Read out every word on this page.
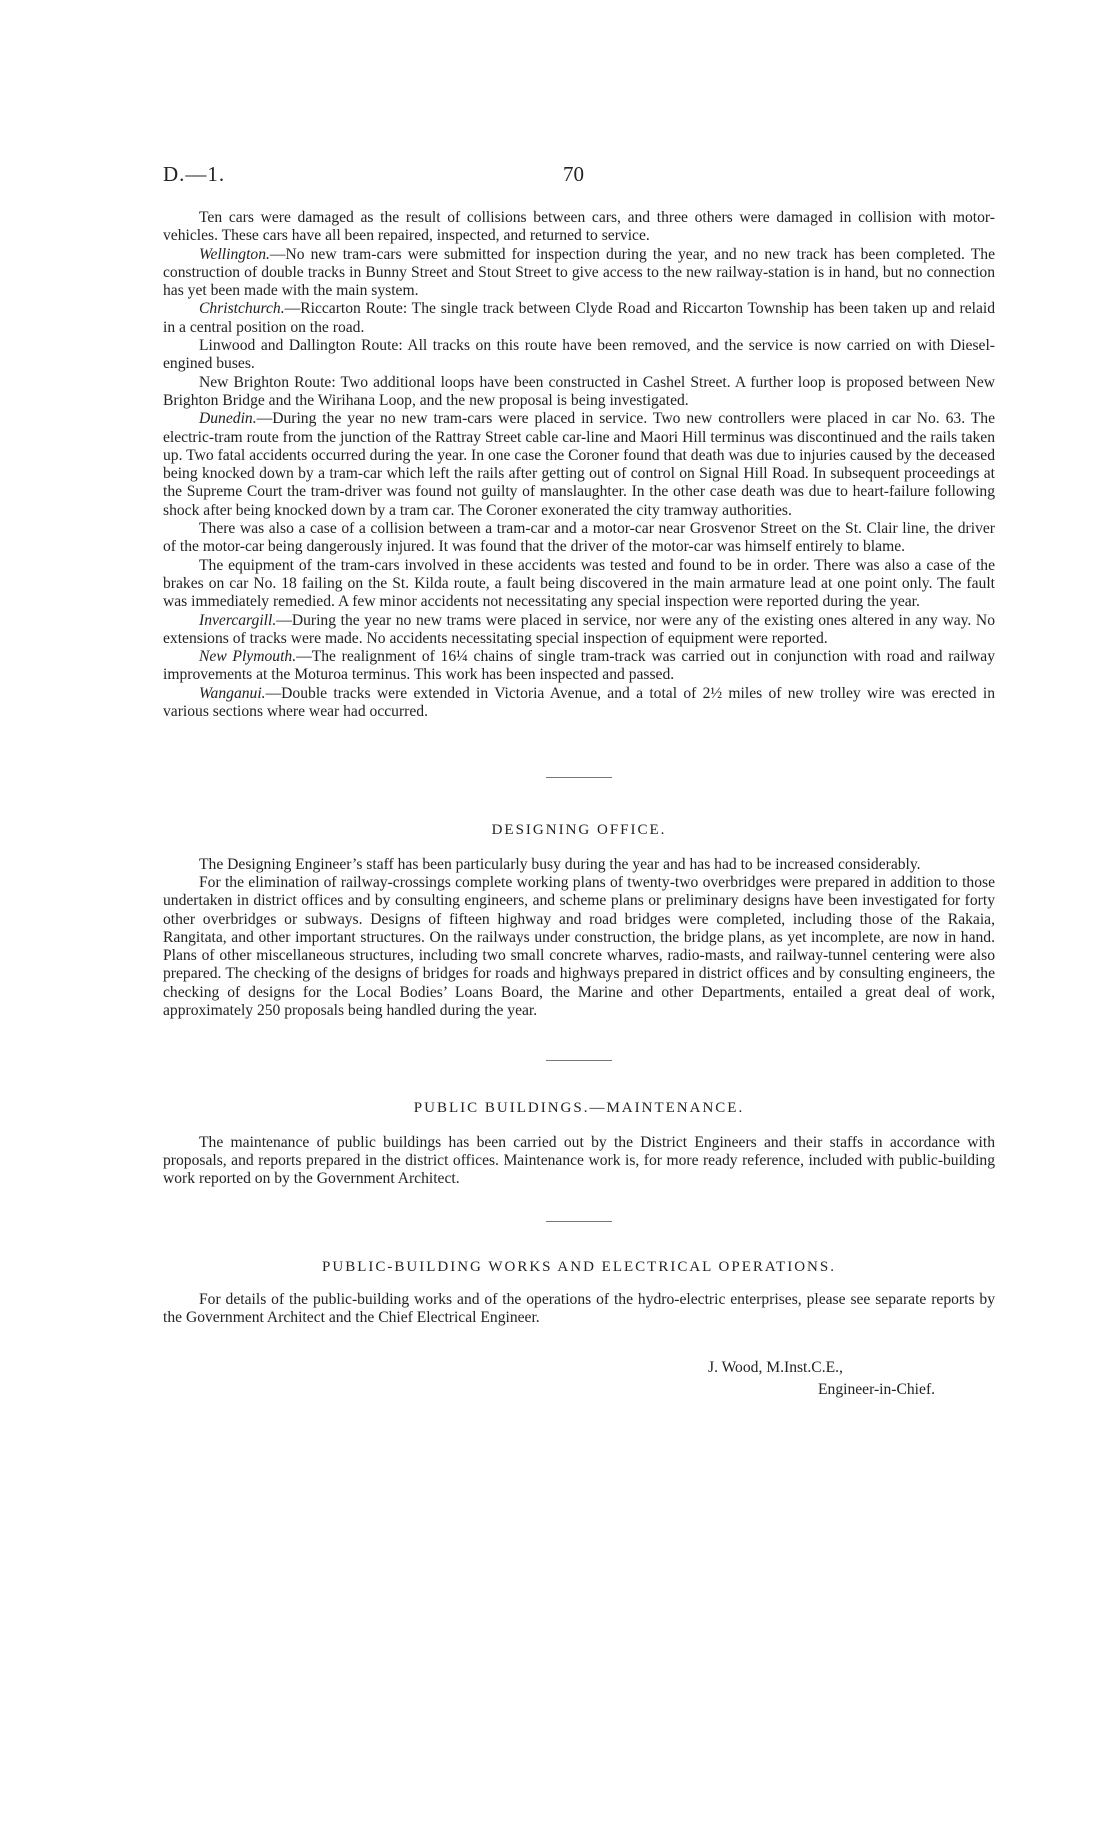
D.—1.	70

Ten cars were damaged as the result of collisions between cars, and three others were damaged in collision with motor-vehicles. These cars have all been repaired, inspected, and returned to service.

Wellington.—No new tram-cars were submitted for inspection during the year, and no new track has been completed. The construction of double tracks in Bunny Street and Stout Street to give access to the new railway-station is in hand, but no connection has yet been made with the main system.

Christchurch.—Riccarton Route: The single track between Clyde Road and Riccarton Township has been taken up and relaid in a central position on the road.

Linwood and Dallington Route: All tracks on this route have been removed, and the service is now carried on with Diesel-engined buses.

New Brighton Route: Two additional loops have been constructed in Cashel Street. A further loop is proposed between New Brighton Bridge and the Wirihana Loop, and the new proposal is being investigated.

Dunedin.—During the year no new tram-cars were placed in service. Two new controllers were placed in car No. 63. The electric-tram route from the junction of the Rattray Street cable car-line and Maori Hill terminus was discontinued and the rails taken up. Two fatal accidents occurred during the year. In one case the Coroner found that death was due to injuries caused by the deceased being knocked down by a tram-car which left the rails after getting out of control on Signal Hill Road. In subsequent proceedings at the Supreme Court the tram-driver was found not guilty of manslaughter. In the other case death was due to heart-failure following shock after being knocked down by a tram car. The Coroner exonerated the city tramway authorities.

There was also a case of a collision between a tram-car and a motor-car near Grosvenor Street on the St. Clair line, the driver of the motor-car being dangerously injured. It was found that the driver of the motor-car was himself entirely to blame.

The equipment of the tram-cars involved in these accidents was tested and found to be in order. There was also a case of the brakes on car No. 18 failing on the St. Kilda route, a fault being discovered in the main armature lead at one point only. The fault was immediately remedied. A few minor accidents not necessitating any special inspection were reported during the year.

Invercargill.—During the year no new trams were placed in service, nor were any of the existing ones altered in any way. No extensions of tracks were made. No accidents necessitating special inspection of equipment were reported.

New Plymouth.—The realignment of 16¼ chains of single tram-track was carried out in conjunction with road and railway improvements at the Moturoa terminus. This work has been inspected and passed.

Wanganui.—Double tracks were extended in Victoria Avenue, and a total of 2½ miles of new trolley wire was erected in various sections where wear had occurred.

DESIGNING OFFICE.

The Designing Engineer’s staff has been particularly busy during the year and has had to be increased considerably.

For the elimination of railway-crossings complete working plans of twenty-two overbridges were prepared in addition to those undertaken in district offices and by consulting engineers, and scheme plans or preliminary designs have been investigated for forty other overbridges or subways. Designs of fifteen highway and road bridges were completed, including those of the Rakaia, Rangitata, and other important structures. On the railways under construction, the bridge plans, as yet incomplete, are now in hand. Plans of other miscellaneous structures, including two small concrete wharves, radio-masts, and railway-tunnel centering were also prepared. The checking of the designs of bridges for roads and highways prepared in district offices and by consulting engineers, the checking of designs for the Local Bodies’ Loans Board, the Marine and other Departments, entailed a great deal of work, approximately 250 proposals being handled during the year.

PUBLIC BUILDINGS.—MAINTENANCE.

The maintenance of public buildings has been carried out by the District Engineers and their staffs in accordance with proposals, and reports prepared in the district offices. Maintenance work is, for more ready reference, included with public-building work reported on by the Government Architect.

PUBLIC-BUILDING WORKS AND ELECTRICAL OPERATIONS.

For details of the public-building works and of the operations of the hydro-electric enterprises, please see separate reports by the Government Architect and the Chief Electrical Engineer.

J. Wood, M.Inst.C.E.,
Engineer-in-Chief.
